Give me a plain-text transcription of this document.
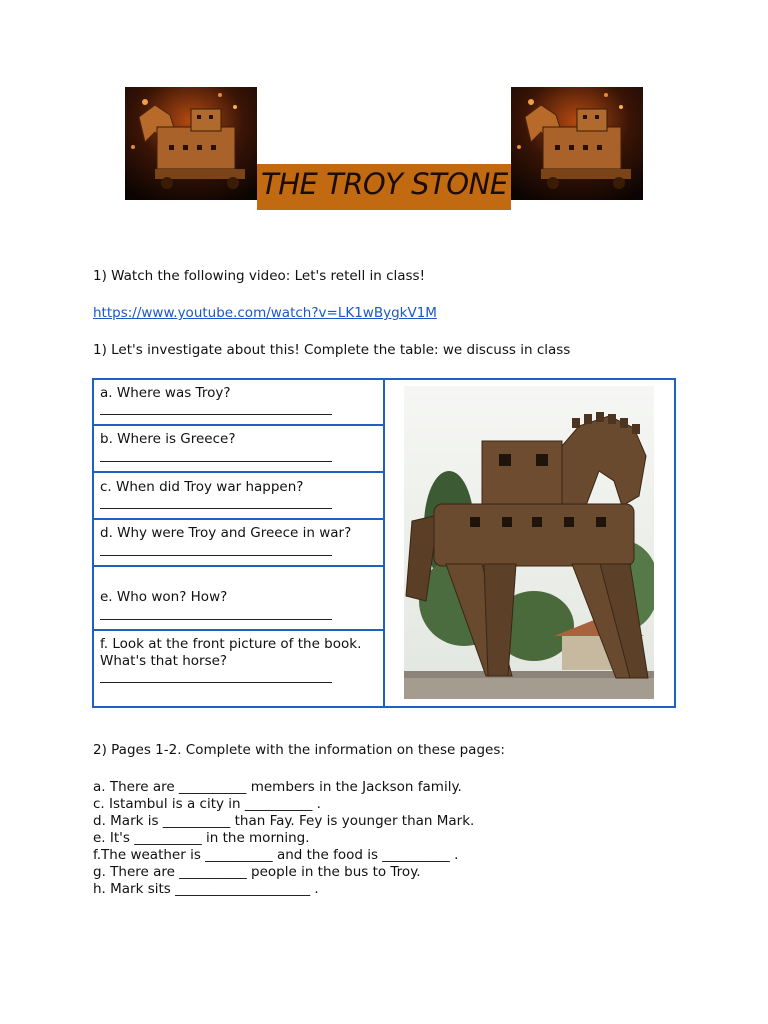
THE TROY STONE
1) Watch the following video: Let's retell in class!
https://www.youtube.com/watch?v=LK1wBygkV1M
1) Let's investigate about this! Complete the table: we discuss in class
a. Where was Troy?
b. Where is Greece?
c. When did Troy war happen?
d. Why were Troy and Greece in war?
e. Who won? How?
f. Look at the front picture of the book. What's that horse?
2) Pages 1-2. Complete with the information on these pages:
a. There are __________ members in the Jackson family.
c. Istambul is a city in __________ .
d. Mark is __________ than Fay. Fey is younger than Mark.
e. It's __________ in the morning.
f.The weather is __________ and the food is __________ .
g. There are __________ people in the bus to Troy.
h. Mark sits ____________________ .
